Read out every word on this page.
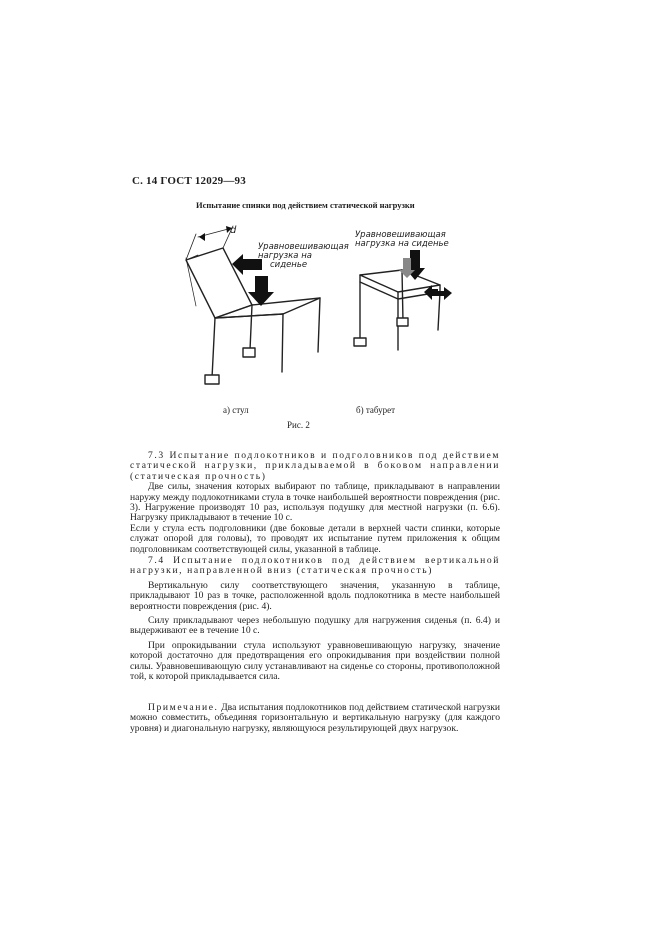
С. 14 ГОСТ 12029—93
Испытание спинки под действием статической нагрузки
d
Уравновешивающая
нагрузка на
сиденье
Уравновешивающая
нагрузка на сиденье
а) стул	б) табурет
Рис. 2

7.3 Испытание подлокотников и подголовников под действием статической нагрузки, прикладываемой в боковом направлении (статическая прочность)

Две силы, значения которых выбирают по таблице, прикладывают в направлении наружу между подлокотниками стула в точке наибольшей вероятности повреждения (рис. 3). Нагружение производят 10 раз, используя подушку для местной нагрузки (п. 6.6). Нагрузку прикладывают в течение 10 с.

Если у стула есть подголовники (две боковые детали в верхней части спинки, которые служат опорой для головы), то проводят их испытание путем приложения к общим подголовникам соответствующей силы, указанной в таблице.

7.4 Испытание подлокотников под действием вертикальной нагрузки, направленной вниз (статическая прочность)

Вертикальную силу соответствующего значения, указанную в таблице, прикладывают 10 раз в точке, расположенной вдоль подлокотника в месте наибольшей вероятности повреждения (рис. 4).

Силу прикладывают через небольшую подушку для нагружения сиденья (п. 6.4) и выдерживают ее в течение 10 с.

При опрокидывании стула используют уравновешивающую нагрузку, значение которой достаточно для предотвращения его опрокидывания при воздействии полной силы. Уравновешивающую силу устанавливают на сиденье со стороны, противоположной той, к которой прикладывается сила.

Примечание. Два испытания подлокотников под действием статической нагрузки можно совместить, объединяя горизонтальную и вертикальную нагрузку (для каждого уровня) и диагональную нагрузку, являющуюся результирующей двух нагрузок.
